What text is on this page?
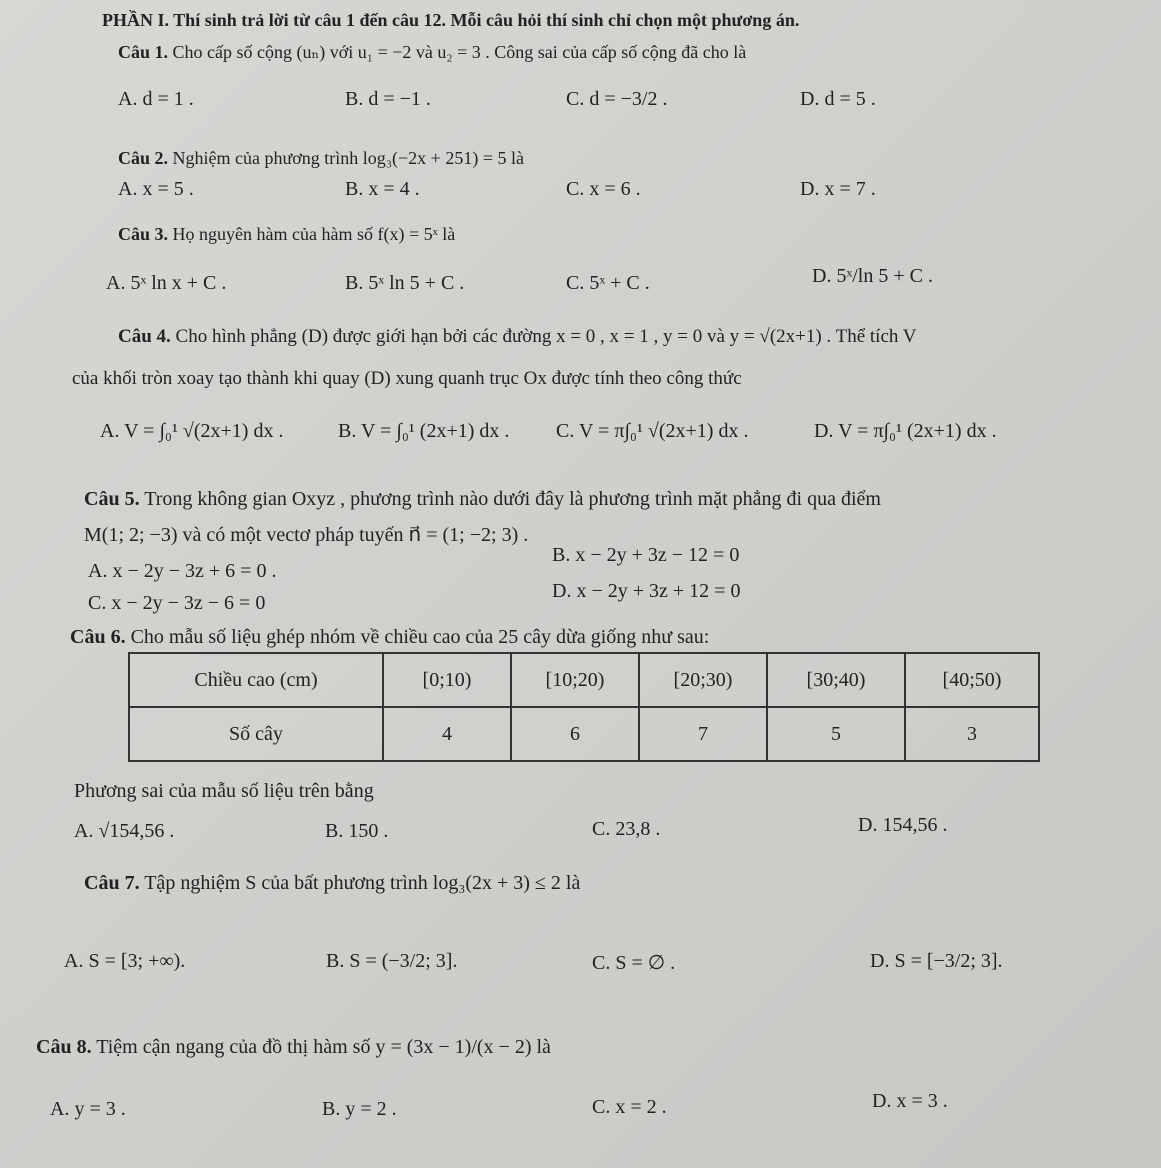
PHẦN I. Thí sinh trả lời từ câu 1 đến câu 12. Mỗi câu hỏi thí sinh chỉ chọn một phương án.
Câu 1. Cho cấp số cộng (uₙ) với u₁ = −2 và u₂ = 3 . Công sai của cấp số cộng đã cho là
A. d = 1 .	B. d = −1 .	C. d = −3/2 .	D. d = 5 .
Câu 2. Nghiệm của phương trình log₃(−2x + 251) = 5 là
A. x = 5 .	B. x = 4 .	C. x = 6 .	D. x = 7 .
Câu 3. Họ nguyên hàm của hàm số f(x) = 5ˣ là
A. 5ˣ ln x + C .	B. 5ˣ ln 5 + C .	C. 5ˣ + C .	D. 5ˣ/ln 5 + C .
Câu 4. Cho hình phẳng (D) được giới hạn bởi các đường x = 0 , x = 1 , y = 0 và y = √(2x+1) . Thể tích V
của khối tròn xoay tạo thành khi quay (D) xung quanh trục Ox được tính theo công thức
A. V = ∫₀¹ √(2x+1) dx .	B. V = ∫₀¹ (2x+1) dx . C. V = π∫₀¹ √(2x+1) dx .	D. V = π∫₀¹ (2x+1) dx .
Câu 5. Trong không gian Oxyz , phương trình nào dưới đây là phương trình mặt phẳng đi qua điểm
M(1; 2; −3) và có một vectơ pháp tuyến n⃗ = (1; −2; 3) .
A. x − 2y − 3z + 6 = 0 .
B. x − 2y + 3z − 12 = 0
C. x − 2y − 3z − 6 = 0
D. x − 2y + 3z + 12 = 0
Câu 6. Cho mẫu số liệu ghép nhóm về chiều cao của 25 cây dừa giống như sau:
Chiều cao (cm)	[0;10)	[10;20)	[20;30)	[30;40)	[40;50)
Số cây	4	6	7	5	3
Phương sai của mẫu số liệu trên bằng
A. √154,56 .	B. 150 .	C. 23,8 .	D. 154,56 .
Câu 7. Tập nghiệm S của bất phương trình log₃(2x + 3) ≤ 2 là
A. S = [3; +∞).	B. S = (−3/2; 3].	C. S = ∅ .	D. S = [−3/2; 3].
Câu 8. Tiệm cận ngang của đồ thị hàm số y = (3x − 1)/(x − 2) là
A. y = 3 .	B. y = 2 .	C. x = 2 .	D. x = 3 .
